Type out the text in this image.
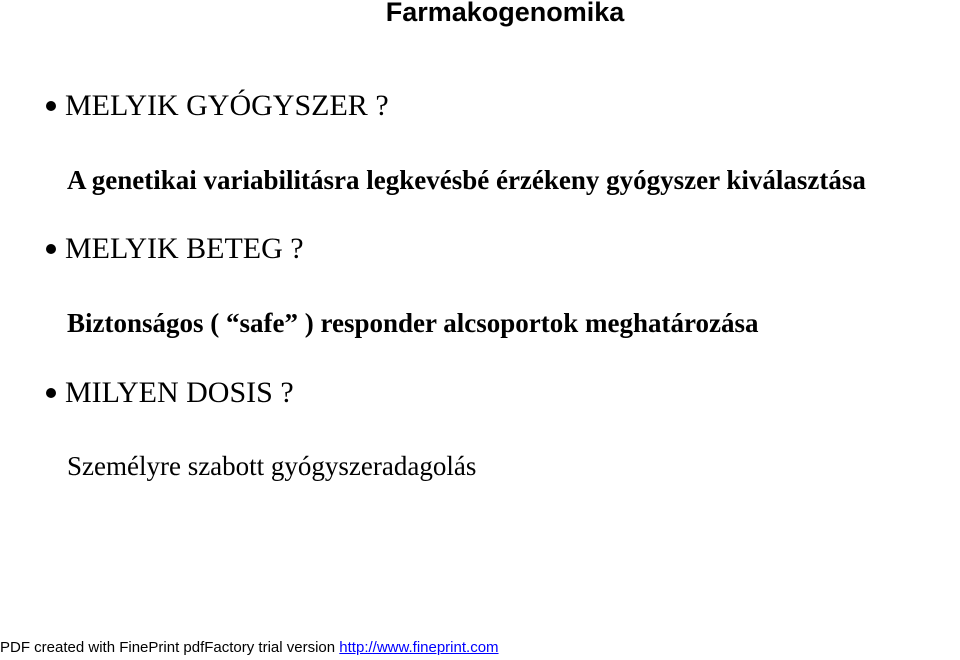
Farmakogenomika
MELYIK GYÓGYSZER ?
A genetikai variabilitásra legkevésbé érzékeny gyógyszer kiválasztása
MELYIK BETEG ?
Biztonságos ( “safe” ) responder alcsoportok meghatározása
MILYEN DOSIS ?
Személyre szabott gyógyszeradagolás
PDF created with FinePrint pdfFactory trial version http://www.fineprint.com
